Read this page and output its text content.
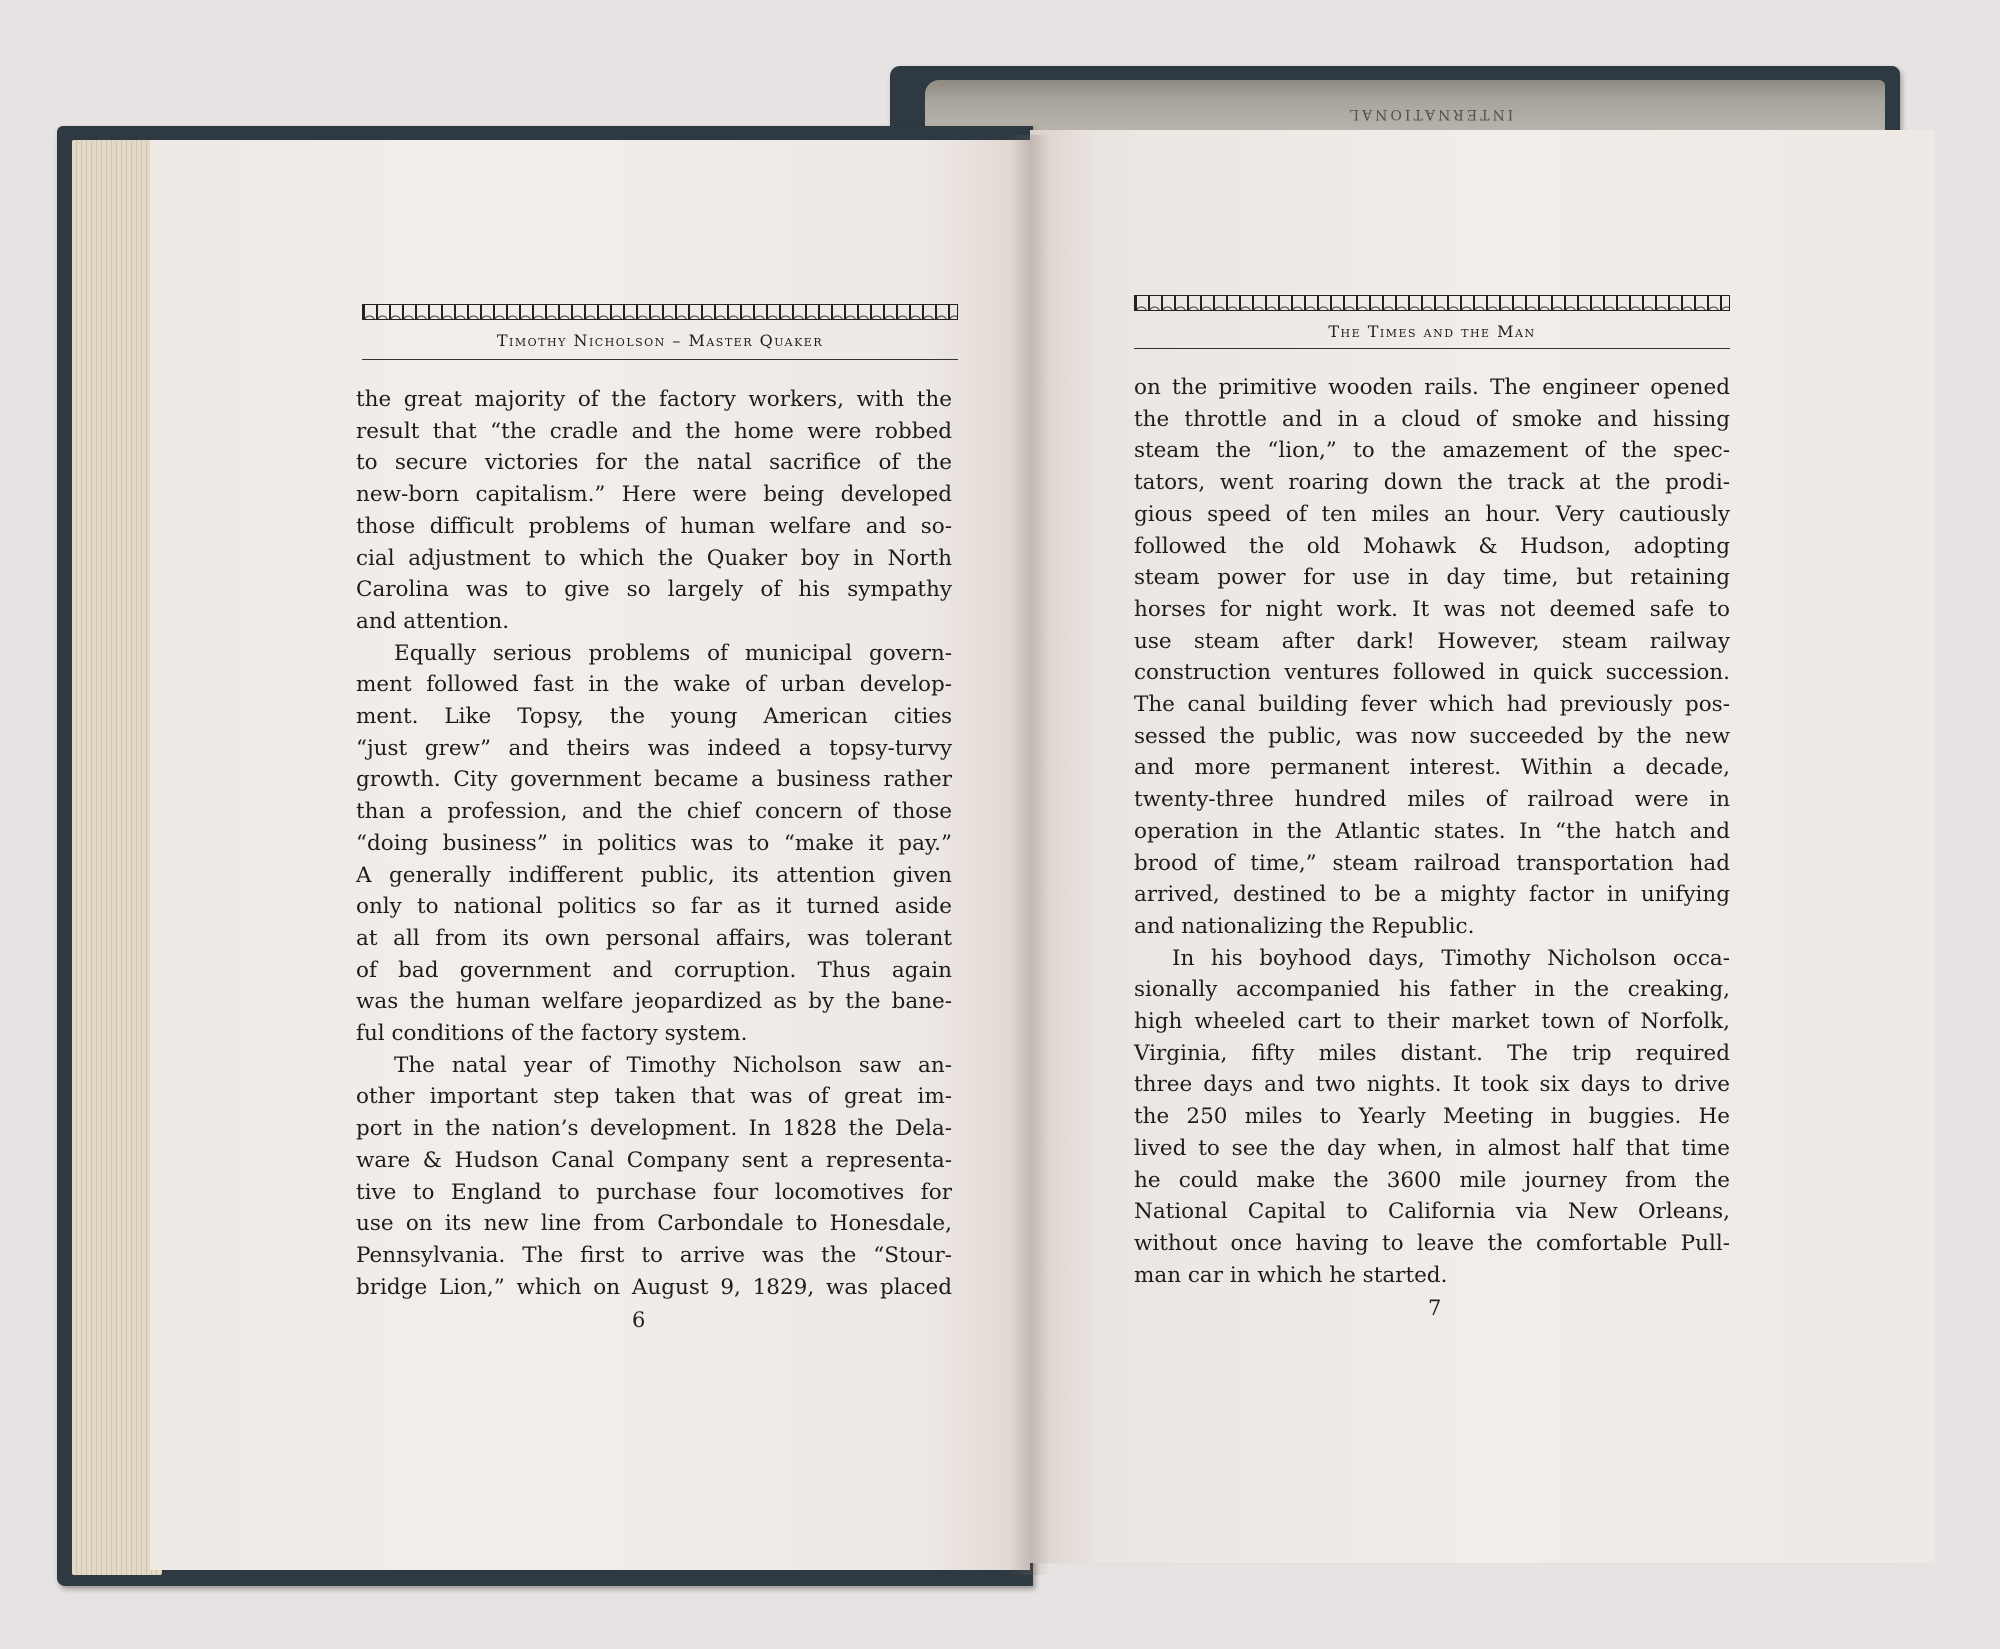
INTERNATIONAL
Timothy Nicholson – Master Quaker	The Times and the Man
the great majority of the factory workers, with the
result that “the cradle and the home were robbed
to secure victories for the natal sacrifice of the
new-born capitalism.” Here were being developed
those difficult problems of human welfare and so-
cial adjustment to which the Quaker boy in North
Carolina was to give so largely of his sympathy
and attention.
Equally serious problems of municipal govern-
ment followed fast in the wake of urban develop-
ment. Like Topsy, the young American cities
“just grew” and theirs was indeed a topsy-turvy
growth. City government became a business rather
than a profession, and the chief concern of those
“doing business” in politics was to “make it pay.”
A generally indifferent public, its attention given
only to national politics so far as it turned aside
at all from its own personal affairs, was tolerant
of bad government and corruption. Thus again
was the human welfare jeopardized as by the bane-
ful conditions of the factory system.
The natal year of Timothy Nicholson saw an-
other important step taken that was of great im-
port in the nation’s development. In 1828 the Dela-
ware & Hudson Canal Company sent a representa-
tive to England to purchase four locomotives for
use on its new line from Carbondale to Honesdale,
Pennsylvania. The first to arrive was the “Stour-
bridge Lion,” which on August 9, 1829, was placed
6
on the primitive wooden rails. The engineer opened
the throttle and in a cloud of smoke and hissing
steam the “lion,” to the amazement of the spec-
tators, went roaring down the track at the prodi-
gious speed of ten miles an hour. Very cautiously
followed the old Mohawk & Hudson, adopting
steam power for use in day time, but retaining
horses for night work. It was not deemed safe to
use steam after dark! However, steam railway
construction ventures followed in quick succession.
The canal building fever which had previously pos-
sessed the public, was now succeeded by the new
and more permanent interest. Within a decade,
twenty-three hundred miles of railroad were in
operation in the Atlantic states. In “the hatch and
brood of time,” steam railroad transportation had
arrived, destined to be a mighty factor in unifying
and nationalizing the Republic.
In his boyhood days, Timothy Nicholson occa-
sionally accompanied his father in the creaking,
high wheeled cart to their market town of Norfolk,
Virginia, fifty miles distant. The trip required
three days and two nights. It took six days to drive
the 250 miles to Yearly Meeting in buggies. He
lived to see the day when, in almost half that time
he could make the 3600 mile journey from the
National Capital to California via New Orleans,
without once having to leave the comfortable Pull-
man car in which he started.
7
